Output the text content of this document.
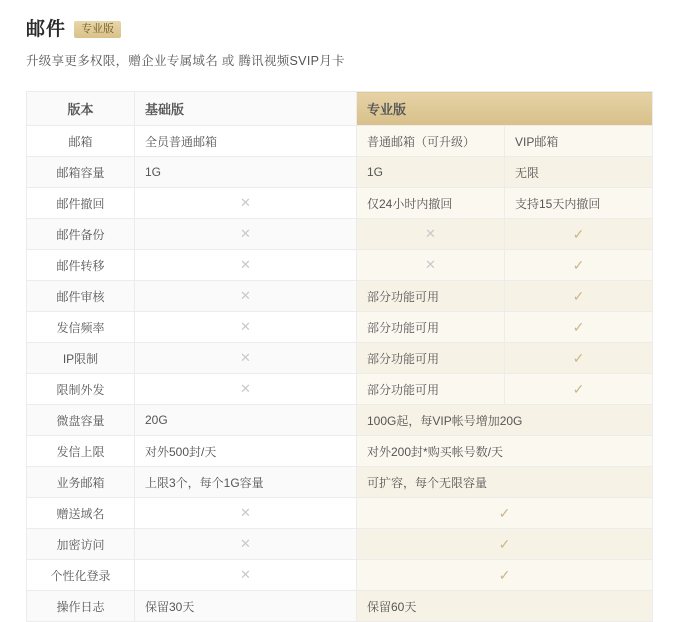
邮件	专业版
升级享更多权限，赠企业专属域名 或 腾讯视频SVIP月卡
版本	基础版	专业版	
邮箱	全员普通邮箱	普通邮箱（可升级）	VIP邮箱
邮箱容量	1G	1G	无限
邮件撤回	✕	仅24小时内撤回	支持15天内撤回
邮件备份	✕	✕	✓
邮件转移	✕	✕	✓
邮件审核	✕	部分功能可用	✓
发信频率	✕	部分功能可用	✓
IP限制	✕	部分功能可用	✓
限制外发	✕	部分功能可用	✓
微盘容量	20G	100G起，每VIP帐号增加20G	
发信上限	对外500封/天	对外200封*购买帐号数/天	
业务邮箱	上限3个，每个1G容量	可扩容，每个无限容量	
赠送域名	✕	✓	
加密访问	✕	✓	
个性化登录	✕	✓	
操作日志	保留30天	保留60天	
